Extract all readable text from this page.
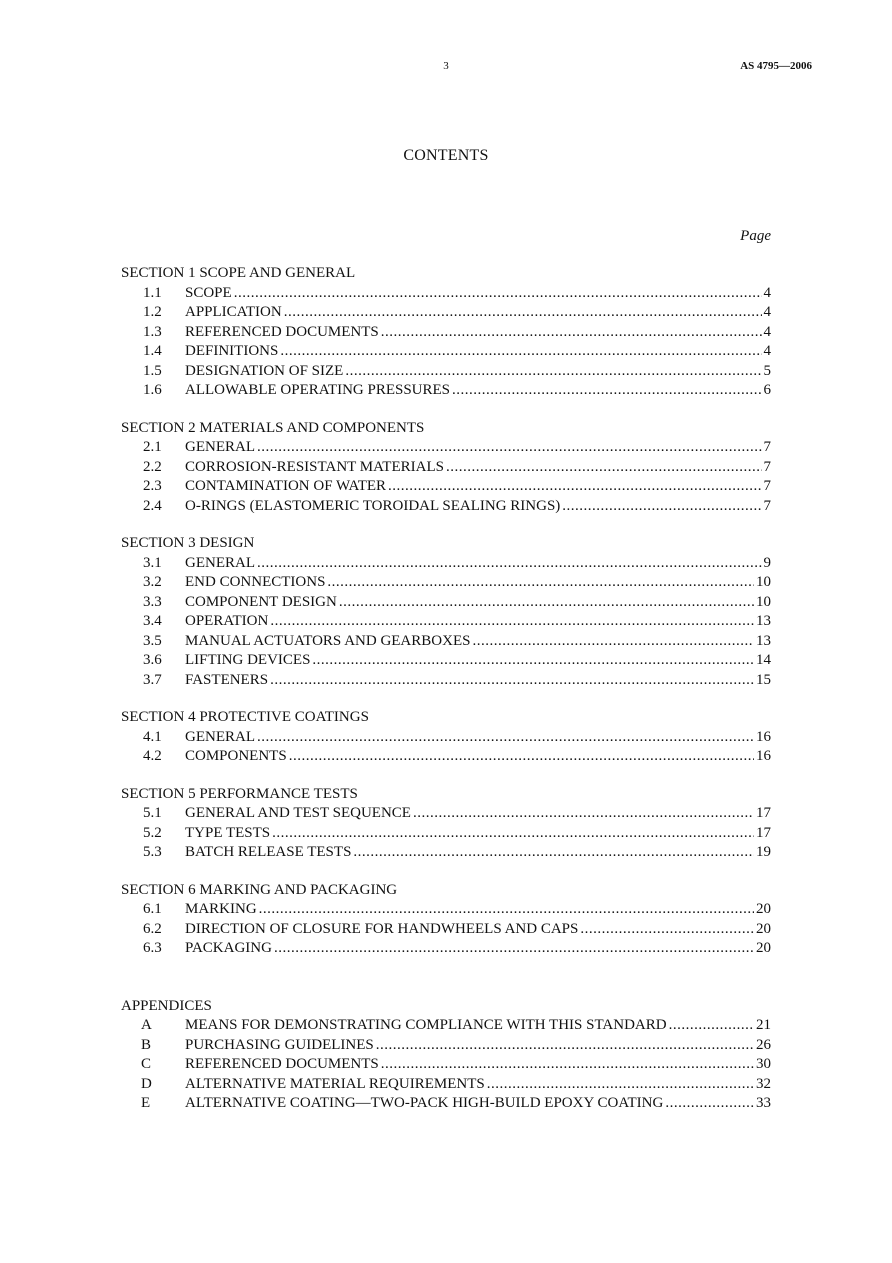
3	AS 4795—2006
CONTENTS
Page
SECTION 1 SCOPE AND GENERAL
1.1	SCOPE .....	4
1.2	APPLICATION .....	4
1.3	REFERENCED DOCUMENTS .....	4
1.4	DEFINITIONS .....	4
1.5	DESIGNATION OF SIZE .....	5
1.6	ALLOWABLE OPERATING PRESSURES .....	6
SECTION 2 MATERIALS AND COMPONENTS
2.1	GENERAL .....	7
2.2	CORROSION-RESISTANT MATERIALS .....	7
2.3	CONTAMINATION OF WATER .....	7
2.4	O-RINGS (ELASTOMERIC TOROIDAL SEALING RINGS) .....	7
SECTION 3 DESIGN
3.1	GENERAL .....	9
3.2	END CONNECTIONS .....	10
3.3	COMPONENT DESIGN .....	10
3.4	OPERATION .....	13
3.5	MANUAL ACTUATORS AND GEARBOXES .....	13
3.6	LIFTING DEVICES .....	14
3.7	FASTENERS .....	15
SECTION 4 PROTECTIVE COATINGS
4.1	GENERAL .....	16
4.2	COMPONENTS .....	16
SECTION 5 PERFORMANCE TESTS
5.1	GENERAL AND TEST SEQUENCE .....	17
5.2	TYPE TESTS .....	17
5.3	BATCH RELEASE TESTS .....	19
SECTION 6 MARKING AND PACKAGING
6.1	MARKING .....	20
6.2	DIRECTION OF CLOSURE FOR HANDWHEELS AND CAPS .....	20
6.3	PACKAGING .....	20
APPENDICES
A	MEANS FOR DEMONSTRATING COMPLIANCE WITH THIS STANDARD .....	21
B	PURCHASING GUIDELINES .....	26
C	REFERENCED DOCUMENTS .....	30
D	ALTERNATIVE MATERIAL REQUIREMENTS .....	32
E	ALTERNATIVE COATING—TWO-PACK HIGH-BUILD EPOXY COATING .....	33
